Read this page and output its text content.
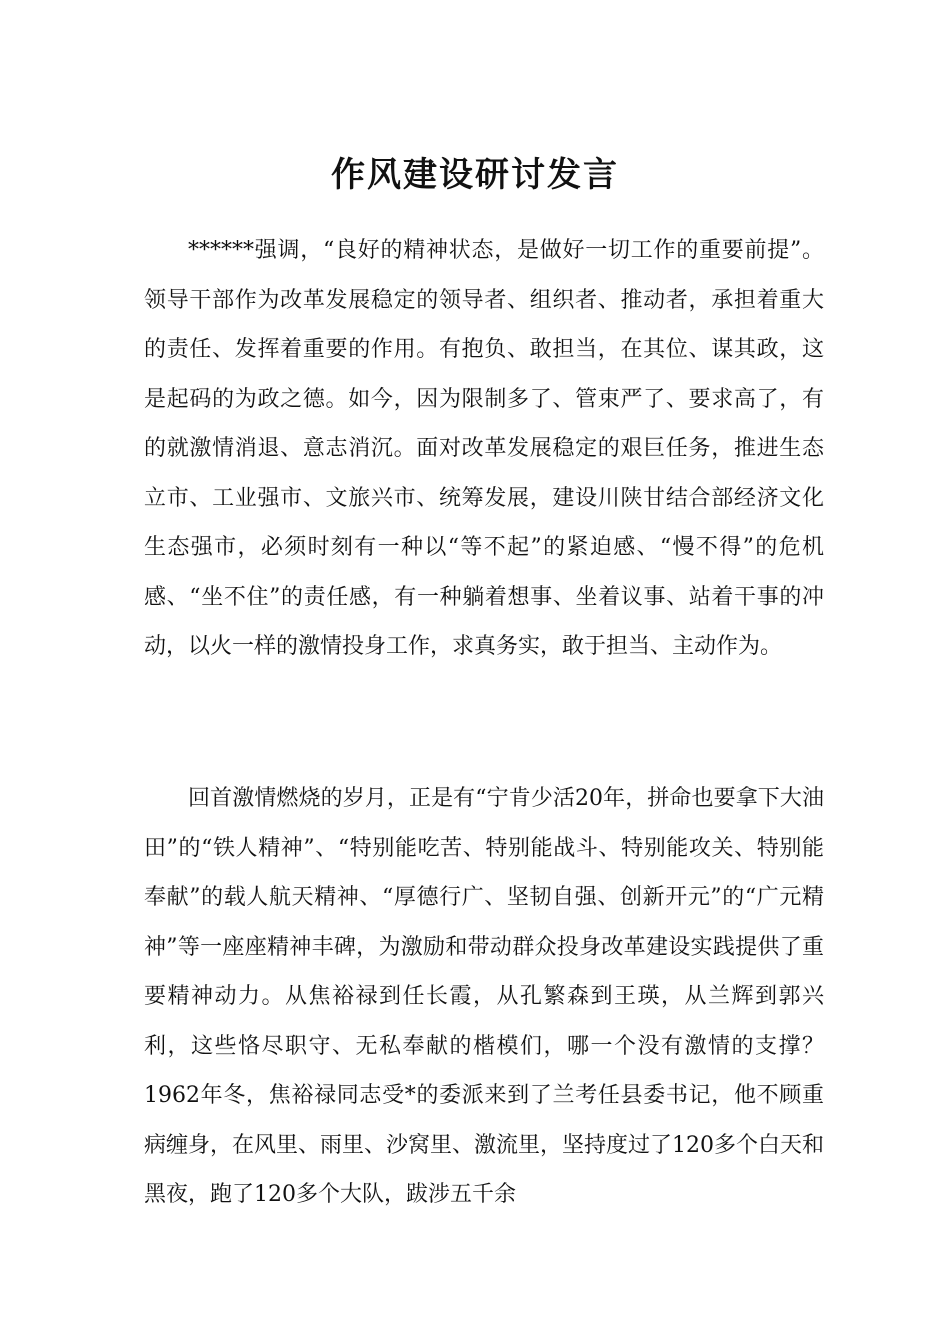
作风建设研讨发言

******强调，“良好的精神状态，是做好一切工作的重要前提”。领导干部作为改革发展稳定的领导者、组织者、推动者，承担着重大的责任、发挥着重要的作用。有抱负、敢担当，在其位、谋其政，这是起码的为政之德。如今，因为限制多了、管束严了、要求高了，有的就激情消退、意志消沉。面对改革发展稳定的艰巨任务，推进生态立市、工业强市、文旅兴市、统筹发展，建设川陕甘结合部经济文化生态强市，必须时刻有一种以“等不起”的紧迫感、“慢不得”的危机感、“坐不住”的责任感，有一种躺着想事、坐着议事、站着干事的冲动，以火一样的激情投身工作，求真务实，敢于担当、主动作为。

回首激情燃烧的岁月，正是有“宁肯少活20年，拼命也要拿下大油田”的“铁人精神”、“特别能吃苦、特别能战斗、特别能攻关、特别能奉献”的载人航天精神、“厚德行广、坚韧自强、创新开元”的“广元精神”等一座座精神丰碑，为激励和带动群众投身改革建设实践提供了重要精神动力。从焦裕禄到任长霞，从孔繁森到王瑛，从兰辉到郭兴利，这些恪尽职守、无私奉献的楷模们，哪一个没有激情的支撑？1962年冬，焦裕禄同志受*的委派来到了兰考任县委书记，他不顾重病缠身，在风里、雨里、沙窝里、激流里，坚持度过了120多个白天和黑夜，跑了120多个大队，跋涉五千余
